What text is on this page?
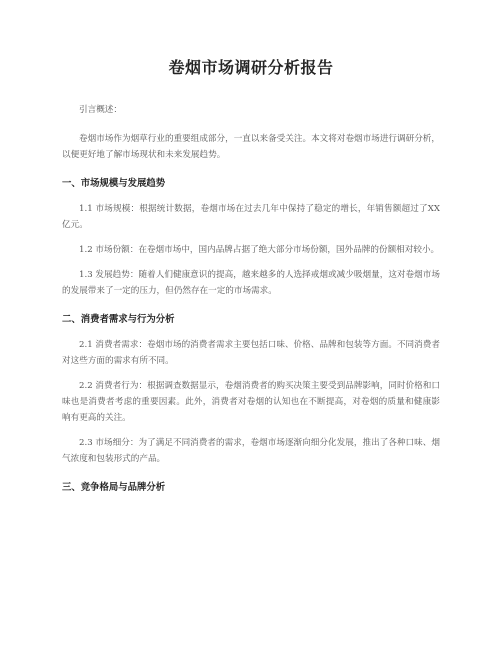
卷烟市场调研分析报告

引言概述：

卷烟市场作为烟草行业的重要组成部分，一直以来备受关注。本文将对卷烟市场进行调研分析，以便更好地了解市场现状和未来发展趋势。

一、市场规模与发展趋势

1.1 市场规模：根据统计数据，卷烟市场在过去几年中保持了稳定的增长，年销售额超过了XX亿元。

1.2 市场份额：在卷烟市场中，国内品牌占据了绝大部分市场份额，国外品牌的份额相对较小。

1.3 发展趋势：随着人们健康意识的提高，越来越多的人选择戒烟或减少吸烟量，这对卷烟市场的发展带来了一定的压力，但仍然存在一定的市场需求。

二、消费者需求与行为分析

2.1 消费者需求：卷烟市场的消费者需求主要包括口味、价格、品牌和包装等方面。不同消费者对这些方面的需求有所不同。

2.2 消费者行为：根据调查数据显示，卷烟消费者的购买决策主要受到品牌影响，同时价格和口味也是消费者考虑的重要因素。此外，消费者对卷烟的认知也在不断提高，对卷烟的质量和健康影响有更高的关注。

2.3 市场细分：为了满足不同消费者的需求，卷烟市场逐渐向细分化发展，推出了各种口味、烟气浓度和包装形式的产品。

三、竞争格局与品牌分析
